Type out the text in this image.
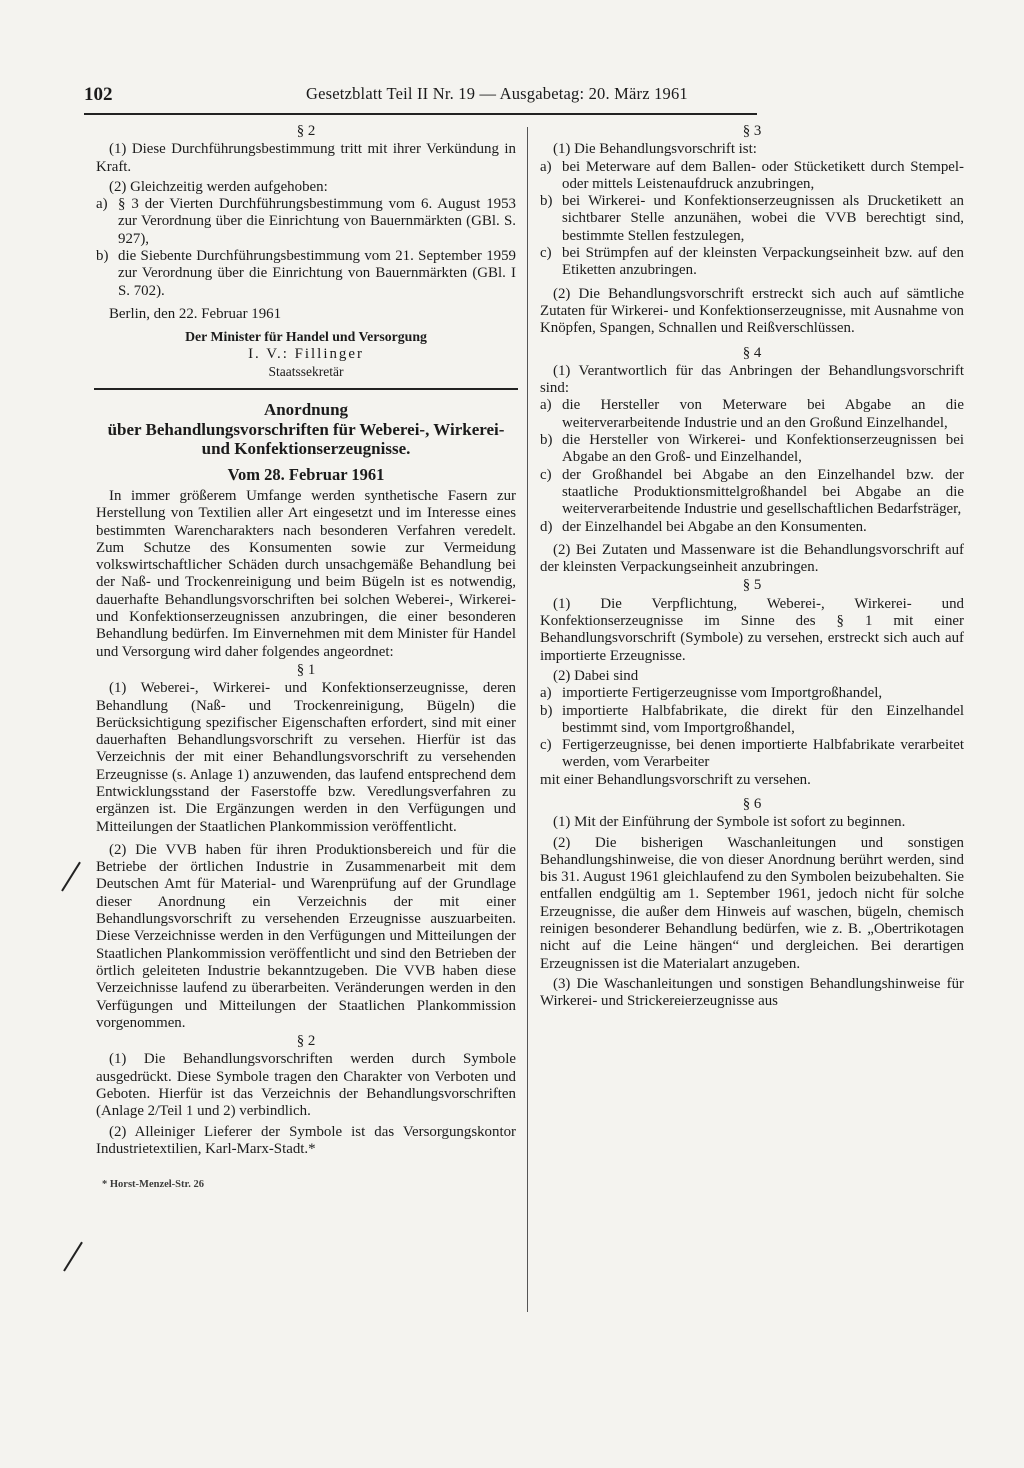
102	Gesetzblatt Teil II Nr. 19 — Ausgabetag: 20. März 1961
§ 2

(1) Diese Durchführungsbestimmung tritt mit ihrer Verkündung in Kraft.

(2) Gleichzeitig werden aufgehoben:

a) § 3 der Vierten Durchführungsbestimmung vom 6. August 1953 zur Verordnung über die Einrichtung von Bauernmärkten (GBl. S. 927),
b) die Siebente Durchführungsbestimmung vom 21. September 1959 zur Verordnung über die Einrichtung von Bauernmärkten (GBl. I S. 702).

Berlin, den 22. Februar 1961

Der Minister für Handel und Versorgung
I. V.: Fillinger
Staatssekretär
Anordnung
über Behandlungsvorschriften für Weberei-, Wirkerei- und Konfektionserzeugnisse.
Vom 28. Februar 1961

In immer größerem Umfange werden synthetische Fasern zur Herstellung von Textilien aller Art eingesetzt und im Interesse eines bestimmten Warencharakters nach besonderen Verfahren veredelt. Zum Schutze des Konsumenten sowie zur Vermeidung volkswirtschaftlicher Schäden durch unsachgemäße Behandlung bei der Naß- und Trockenreinigung und beim Bügeln ist es notwendig, dauerhafte Behandlungsvorschriften bei solchen Weberei-, Wirkerei- und Konfektionserzeugnissen anzubringen, die einer besonderen Behandlung bedürfen. Im Einvernehmen mit dem Minister für Handel und Versorgung wird daher folgendes angeordnet:

§ 1

(1) Weberei-, Wirkerei- und Konfektionserzeugnisse, deren Behandlung (Naß- und Trockenreinigung, Bügeln) die Berücksichtigung spezifischer Eigenschaften erfordert, sind mit einer dauerhaften Behandlungsvorschrift zu versehen. Hierfür ist das Verzeichnis der mit einer Behandlungsvorschrift zu versehenden Erzeugnisse (s. Anlage 1) anzuwenden, das laufend entsprechend dem Entwicklungsstand der Faserstoffe bzw. Veredlungsverfahren zu ergänzen ist. Die Ergänzungen werden in den Verfügungen und Mitteilungen der Staatlichen Plankommission veröffentlicht.

(2) Die VVB haben für ihren Produktionsbereich und für die Betriebe der örtlichen Industrie in Zusammenarbeit mit dem Deutschen Amt für Material- und Warenprüfung auf der Grundlage dieser Anordnung ein Verzeichnis der mit einer Behandlungsvorschrift zu versehenden Erzeugnisse auszuarbeiten. Diese Verzeichnisse werden in den Verfügungen und Mitteilungen der Staatlichen Plankommission veröffentlicht und sind den Betrieben der örtlich geleiteten Industrie bekanntzugeben. Die VVB haben diese Verzeichnisse laufend zu überarbeiten. Veränderungen werden in den Verfügungen und Mitteilungen der Staatlichen Plankommission vorgenommen.

§ 2

(1) Die Behandlungsvorschriften werden durch Symbole ausgedrückt. Diese Symbole tragen den Charakter von Verboten und Geboten. Hierfür ist das Verzeichnis der Behandlungsvorschriften (Anlage 2/Teil 1 und 2) verbindlich.

(2) Alleiniger Lieferer der Symbole ist das Versorgungskontor Industrietextilien, Karl-Marx-Stadt.*

* Horst-Menzel-Str. 26
§ 3

(1) Die Behandlungsvorschrift ist:

a) bei Meterware auf dem Ballen- oder Stücketikett durch Stempel- oder mittels Leistenaufdruck anzubringen,
b) bei Wirkerei- und Konfektionserzeugnissen als Drucketikett an sichtbarer Stelle anzunähen, wobei die VVB berechtigt sind, bestimmte Stellen festzulegen,
c) bei Strümpfen auf der kleinsten Verpackungseinheit bzw. auf den Etiketten anzubringen.

(2) Die Behandlungsvorschrift erstreckt sich auch auf sämtliche Zutaten für Wirkerei- und Konfektionserzeugnisse, mit Ausnahme von Knöpfen, Spangen, Schnallen und Reißverschlüssen.

§ 4

(1) Verantwortlich für das Anbringen der Behandlungsvorschrift sind:

a) die Hersteller von Meterware bei Abgabe an die weiterverarbeitende Industrie und an den Großund Einzelhandel,
b) die Hersteller von Wirkerei- und Konfektionserzeugnissen bei Abgabe an den Groß- und Einzelhandel,
c) der Großhandel bei Abgabe an den Einzelhandel bzw. der staatliche Produktionsmittelgroßhandel bei Abgabe an die weiterverarbeitende Industrie und gesellschaftlichen Bedarfsträger,
d) der Einzelhandel bei Abgabe an den Konsumenten.

(2) Bei Zutaten und Massenware ist die Behandlungsvorschrift auf der kleinsten Verpackungseinheit anzubringen.

§ 5

(1) Die Verpflichtung, Weberei-, Wirkerei- und Konfektionserzeugnisse im Sinne des § 1 mit einer Behandlungsvorschrift (Symbole) zu versehen, erstreckt sich auch auf importierte Erzeugnisse.

(2) Dabei sind

a) importierte Fertigerzeugnisse vom Importgroßhandel,
b) importierte Halbfabrikate, die direkt für den Einzelhandel bestimmt sind, vom Importgroßhandel,
c) Fertigerzeugnisse, bei denen importierte Halbfabrikate verarbeitet werden, vom Verarbeiter

mit einer Behandlungsvorschrift zu versehen.

§ 6

(1) Mit der Einführung der Symbole ist sofort zu beginnen.

(2) Die bisherigen Waschanleitungen und sonstigen Behandlungshinweise, die von dieser Anordnung berührt werden, sind bis 31. August 1961 gleichlaufend zu den Symbolen beizubehalten. Sie entfallen endgültig am 1. September 1961, jedoch nicht für solche Erzeugnisse, die außer dem Hinweis auf waschen, bügeln, chemisch reinigen besonderer Behandlung bedürfen, wie z. B. „Obertrikotagen nicht auf die Leine hängen“ und dergleichen. Bei derartigen Erzeugnissen ist die Materialart anzugeben.

(3) Die Waschanleitungen und sonstigen Behandlungshinweise für Wirkerei- und Strickereierzeugnisse aus
